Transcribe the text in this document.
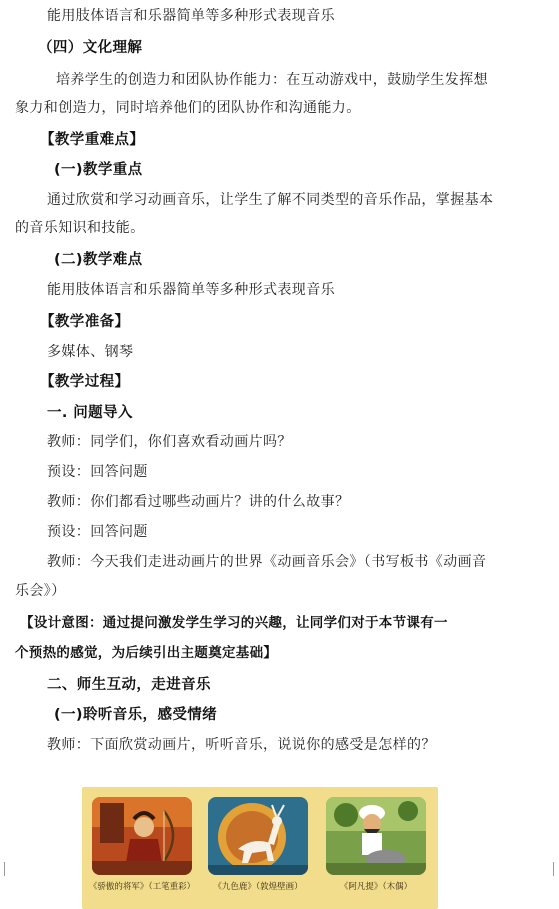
能用肢体语言和乐器简单等多种形式表现音乐
（四）文化理解
培养学生的创造力和团队协作能力：在互动游戏中，鼓励学生发挥想
象力和创造力，同时培养他们的团队协作和沟通能力。
【教学重难点】
(一)教学重点
通过欣赏和学习动画音乐，让学生了解不同类型的音乐作品，掌握基本
的音乐知识和技能。
(二)教学难点
能用肢体语言和乐器简单等多种形式表现音乐
【教学准备】
多媒体、钢琴
【教学过程】
一. 问题导入
教师：同学们，你们喜欢看动画片吗？
预设：回答问题
教师：你们都看过哪些动画片？讲的什么故事？
预设：回答问题
教师：今天我们走进动画片的世界《动画音乐会》（书写板书《动画音
乐会》）
【设计意图：通过提问激发学生学习的兴趣，让同学们对于本节课有一
个预热的感觉，为后续引出主题奠定基础】
二、师生互动，走进音乐
(一)聆听音乐，感受情绪
教师：下面欣赏动画片，听听音乐，说说你的感受是怎样的？
《骄傲的将军》（工笔重彩）	《九色鹿》（敦煌壁画）	《阿凡提》（木偶）
